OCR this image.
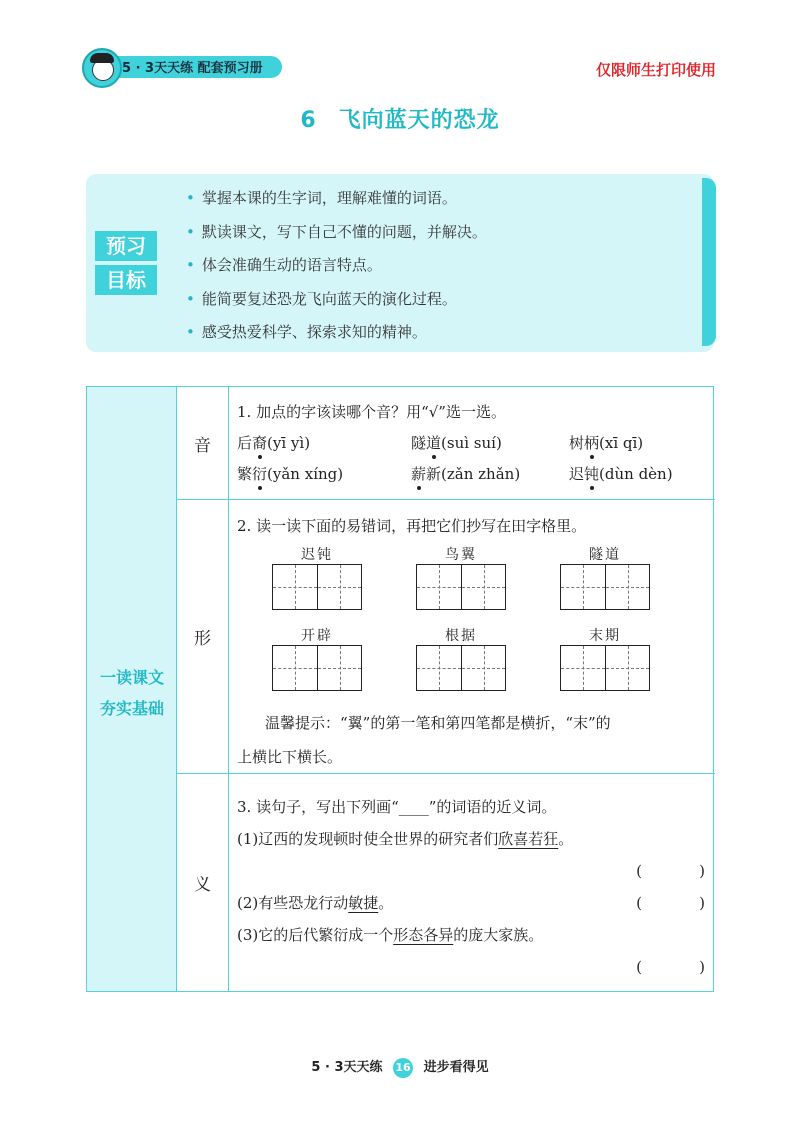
5 · 3天天练 配套预习册	仅限师生打印使用
6 飞向蓝天的恐龙
• 掌握本课的生字词，理解难懂的词语。
• 默读课文，写下自己不懂的问题，并解决。
• 体会准确生动的语言特点。
• 能简要复述恐龙飞向蓝天的演化过程。
• 感受热爱科学、探索求知的精神。
预习
目标
一读课文
夯实基础
音
1. 加点的字该读哪个音？用“√”选一选。
后裔(yī yì)	隧道(suì suí)	树柄(xī qī)
繁衍(yǎn xíng)	薪新(zǎn zhǎn)	迟钝(dùn dèn)
形
2. 读一读下面的易错词，再把它们抄写在田字格里。
迟钝	鸟翼	隧道
开辟	根据	末期
温馨提示：“翼”的第一笔和第四笔都是横折，“末”的
上横比下横长。
义
3. 读句子，写出下列画“____”的词语的近义词。
(1)辽西的发现顿时使全世界的研究者们欣喜若狂。
(            )
(2)有些恐龙行动敏捷。	(            )
(3)它的后代繁衍成一个形态各异的庞大家族。
(            )
5 · 3天天练 16 进步看得见
